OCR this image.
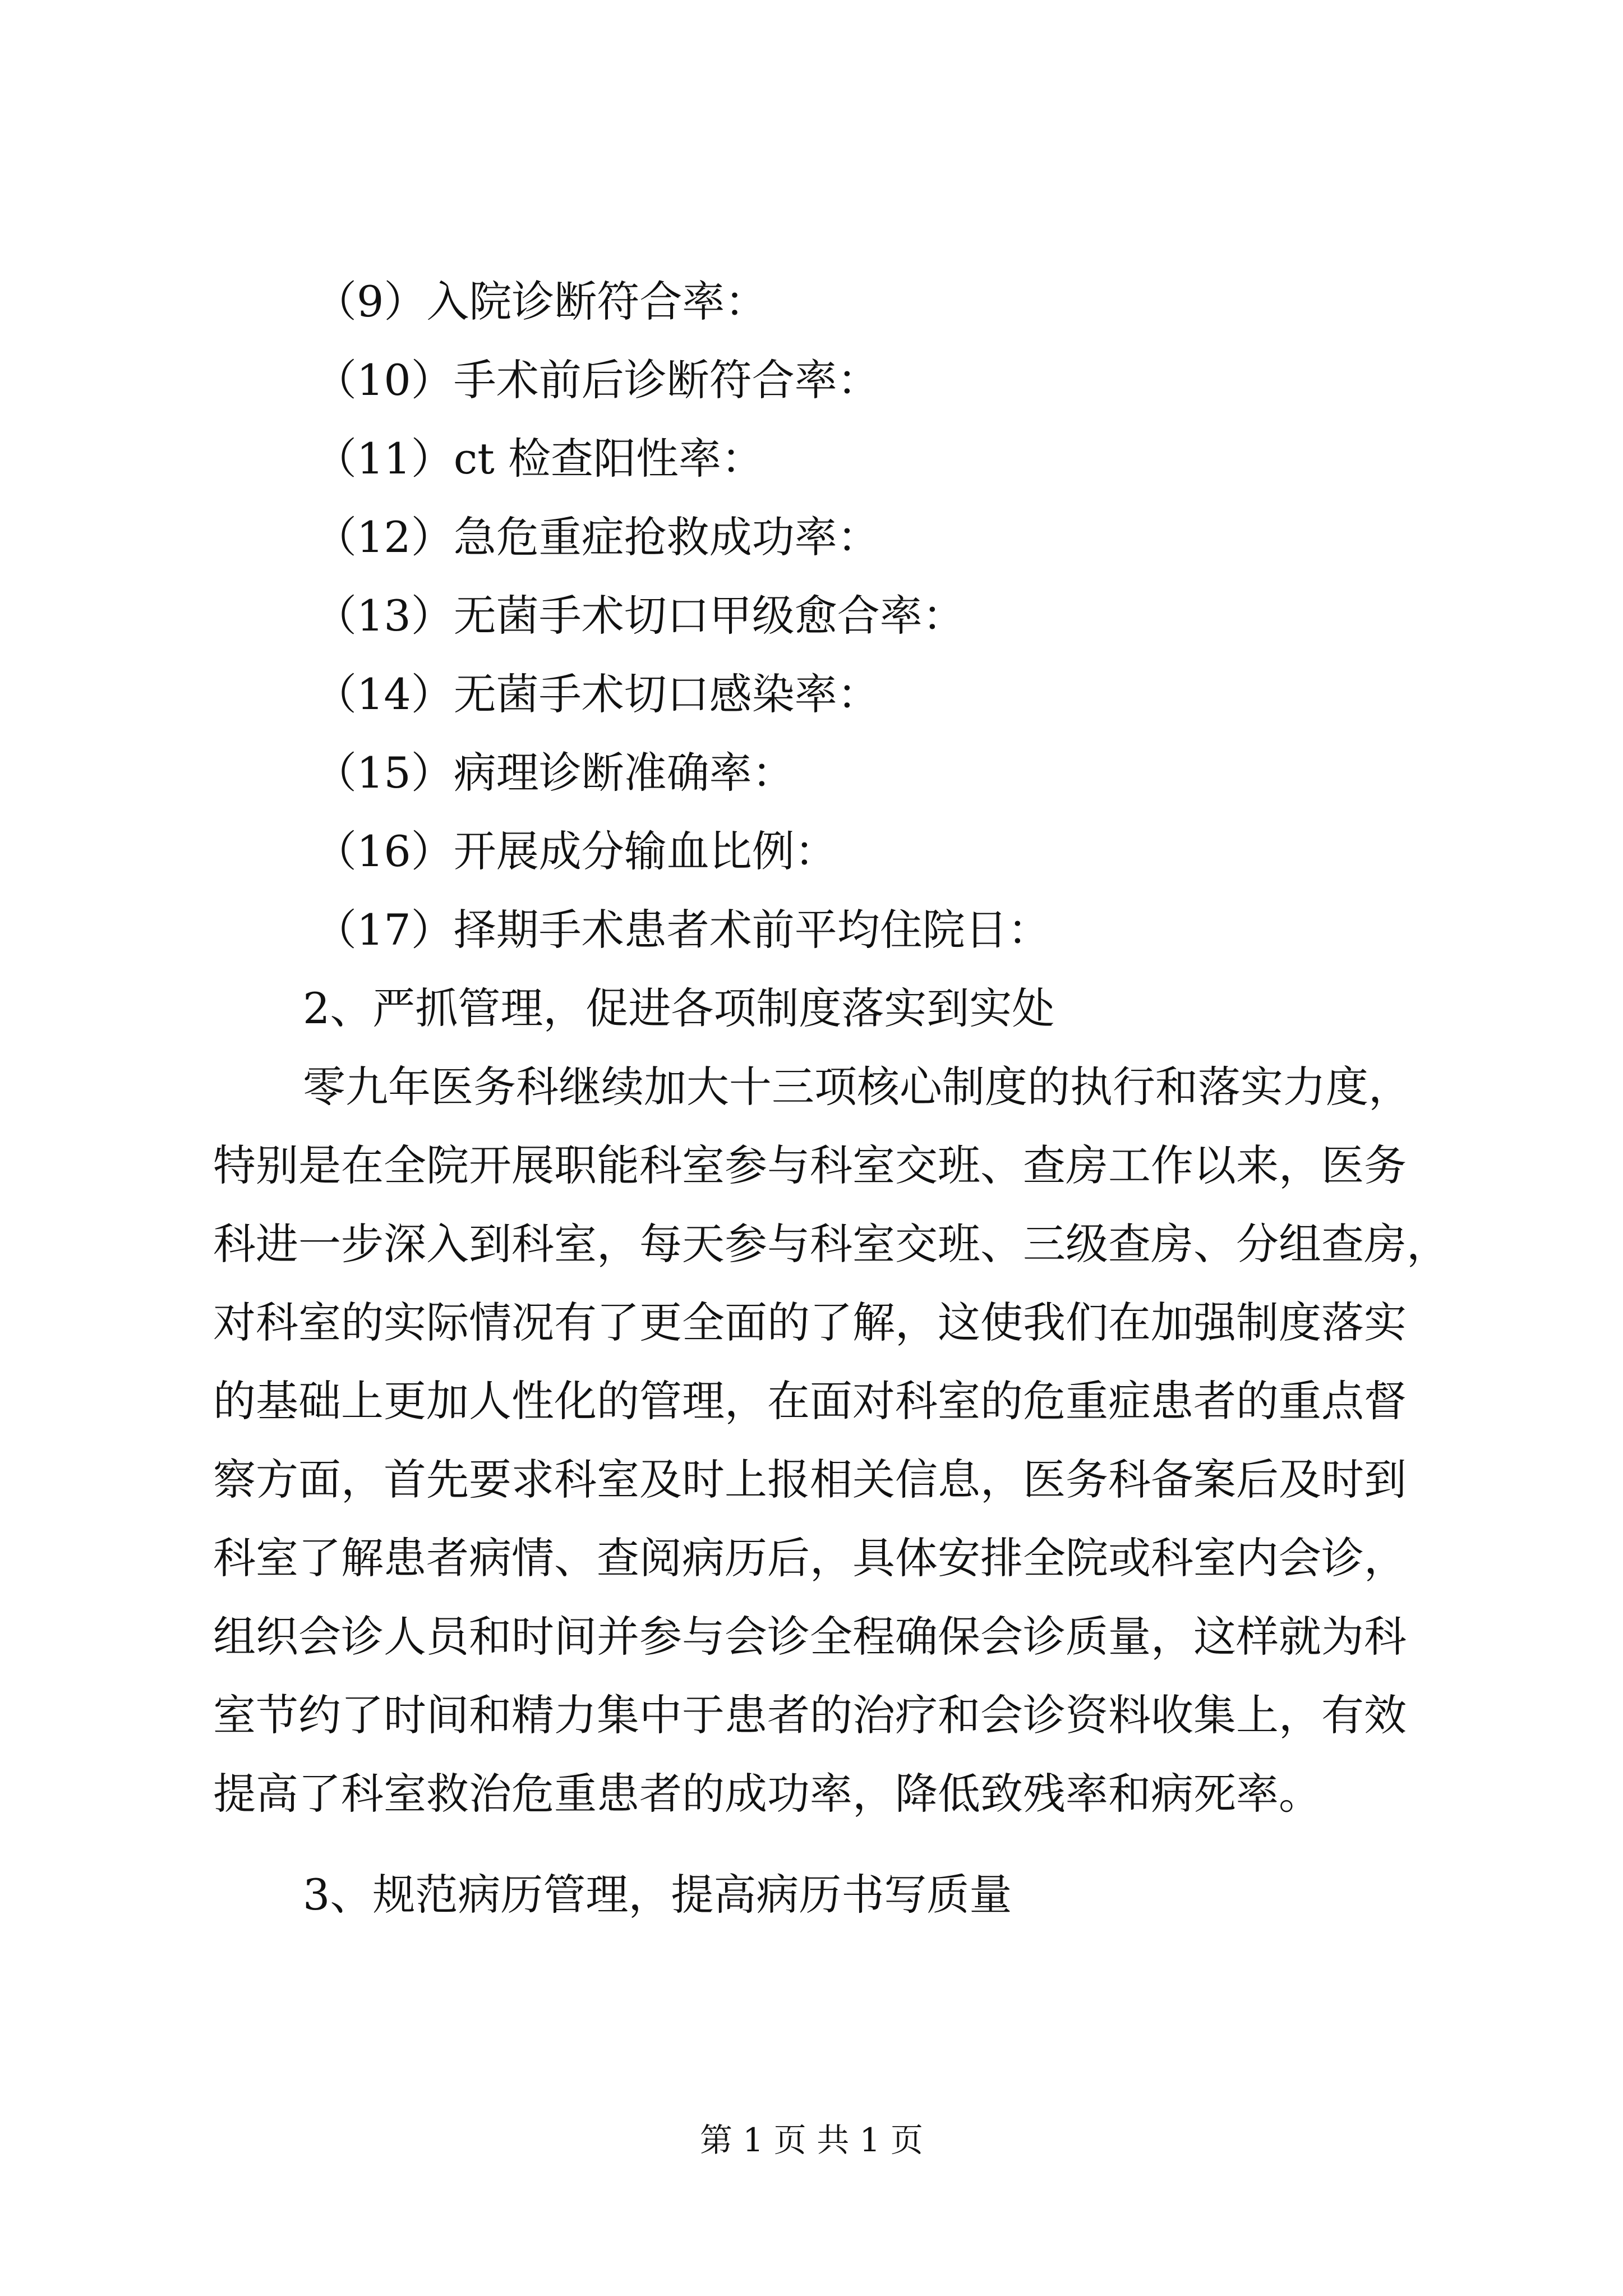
（9）入院诊断符合率：
（10）手术前后诊断符合率：
（11）ct 检查阳性率：
（12）急危重症抢救成功率：
（13）无菌手术切口甲级愈合率：
（14）无菌手术切口感染率：
（15）病理诊断准确率：
（16）开展成分输血比例：
（17）择期手术患者术前平均住院日：
2、严抓管理，促进各项制度落实到实处
零九年医务科继续加大十三项核心制度的执行和落实力度，
特别是在全院开展职能科室参与科室交班、查房工作以来，医务
科进一步深入到科室，每天参与科室交班、三级查房、分组查房，
对科室的实际情况有了更全面的了解，这使我们在加强制度落实
的基础上更加人性化的管理，在面对科室的危重症患者的重点督
察方面，首先要求科室及时上报相关信息，医务科备案后及时到
科室了解患者病情、查阅病历后，具体安排全院或科室内会诊，
组织会诊人员和时间并参与会诊全程确保会诊质量，这样就为科
室节约了时间和精力集中于患者的治疗和会诊资料收集上，有效
提高了科室救治危重患者的成功率，降低致残率和病死率。
3、规范病历管理，提高病历书写质量
第 1 页 共 1 页
